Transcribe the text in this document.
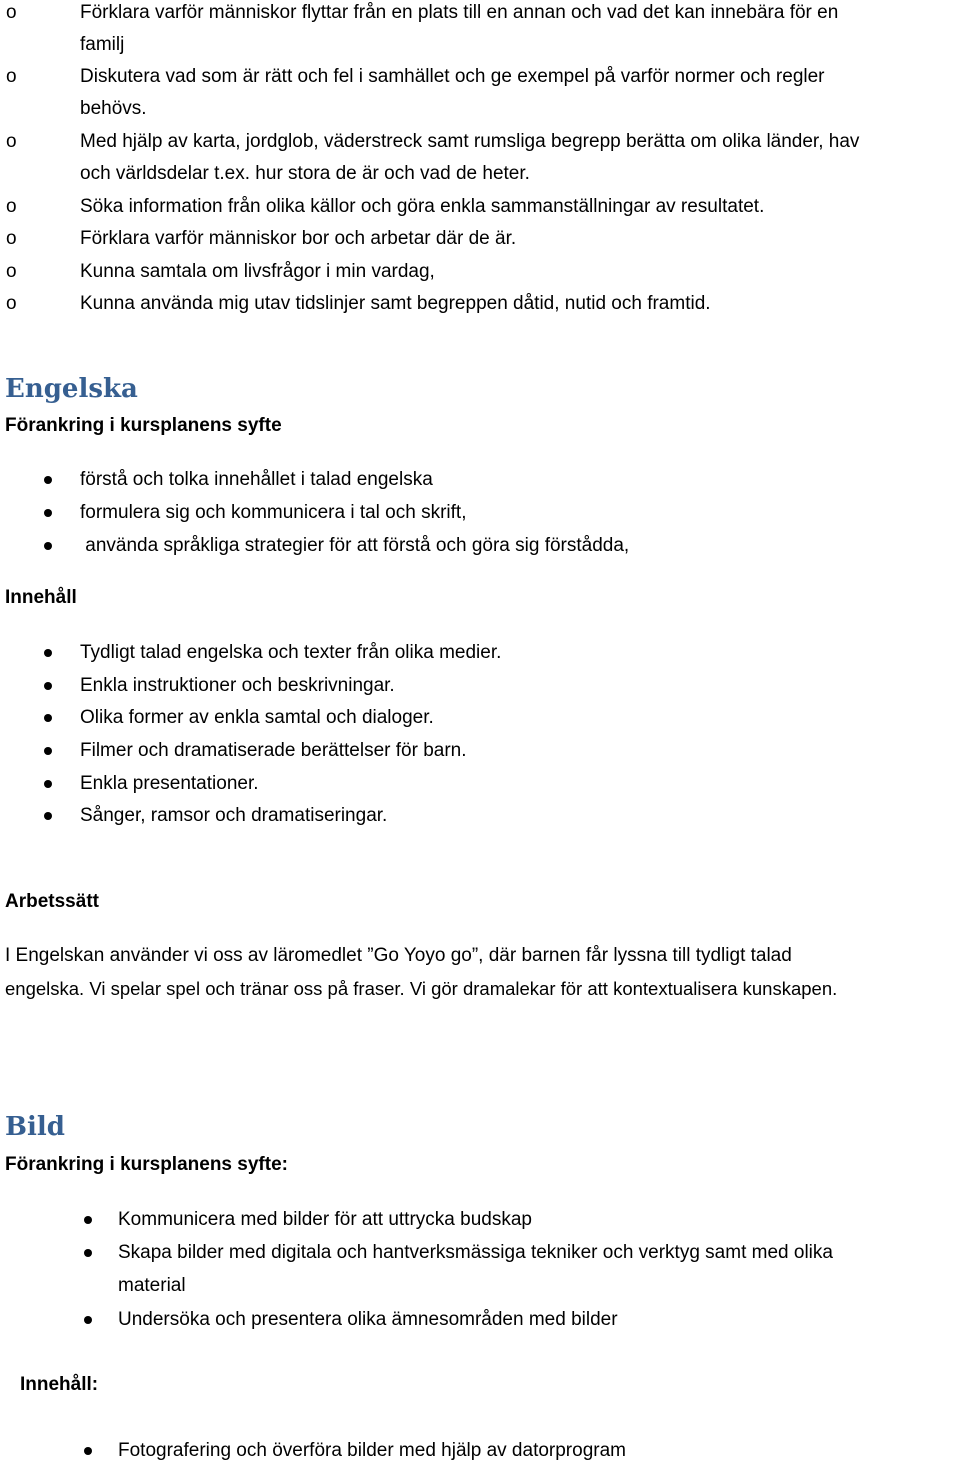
o	Förklara varför människor flyttar från en plats till en annan och vad det kan innebära för en
familj
o	Diskutera vad som är rätt och fel i samhället och ge exempel på varför normer och regler
behövs.
o	Med hjälp av karta, jordglob, väderstreck samt rumsliga begrepp berätta om olika länder, hav
och världsdelar t.ex. hur stora de är och vad de heter.
o	Söka information från olika källor och göra enkla sammanställningar av resultatet.
o	Förklara varför människor bor och arbetar där de är.
o	Kunna samtala om livsfrågor i min vardag,
o	Kunna använda mig utav tidslinjer samt begreppen dåtid, nutid och framtid.
Engelska
Förankring i kursplanens syfte
förstå och tolka innehållet i talad engelska
formulera sig och kommunicera i tal och skrift,
använda språkliga strategier för att förstå och göra sig förstådda,
Innehåll
Tydligt talad engelska och texter från olika medier.
Enkla instruktioner och beskrivningar.
Olika former av enkla samtal och dialoger.
Filmer och dramatiserade berättelser för barn.
Enkla presentationer.
Sånger, ramsor och dramatiseringar.
Arbetssätt
I Engelskan använder vi oss av läromedlet ”Go Yoyo go”, där barnen får lyssna till tydligt talad
engelska. Vi spelar spel och tränar oss på fraser. Vi gör dramalekar för att kontextualisera kunskapen.
Bild
Förankring i kursplanens syfte:
Kommunicera med bilder för att uttrycka budskap
Skapa bilder med digitala och hantverksmässiga tekniker och verktyg samt med olika
material
Undersöka och presentera olika ämnesområden med bilder
Innehåll:
Fotografering och överföra bilder med hjälp av datorprogram
